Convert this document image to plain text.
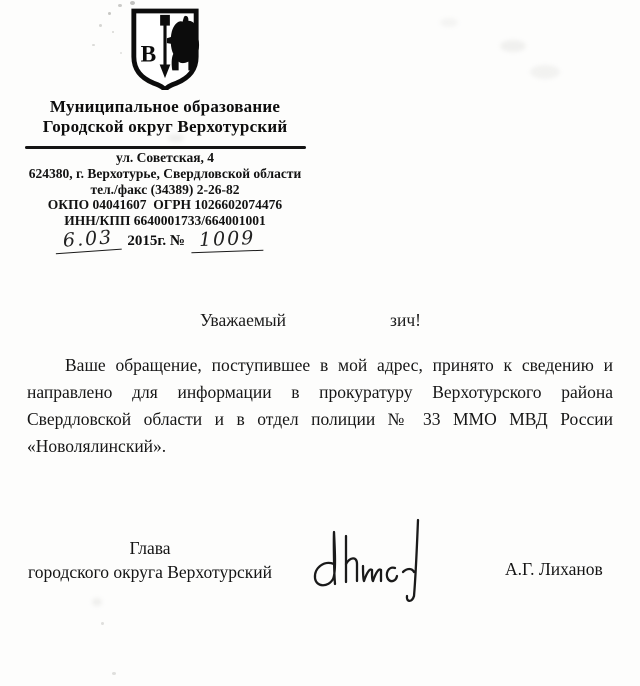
В
Муниципальное образование
Городской округ Верхотурский
ул. Советская, 4
624380, г. Верхотурье, Свердловской области
тел./факс (34389) 2-26-82
ОКПО 04041607  ОГРН 1026602074476
ИНН/КПП 6640001733/664001001
6.03 2015г. № 1009
Уважаемый	зич!
Ваше обращение, поступившее в мой адрес, принято к сведению и
направлено для информации в прокуратуру Верхотурского района
Свердловской области и в отдел полиции № 33 ММО МВД России
«Новолялинский».
Глава
городского округа Верхотурский	А.Г. Лиханов
